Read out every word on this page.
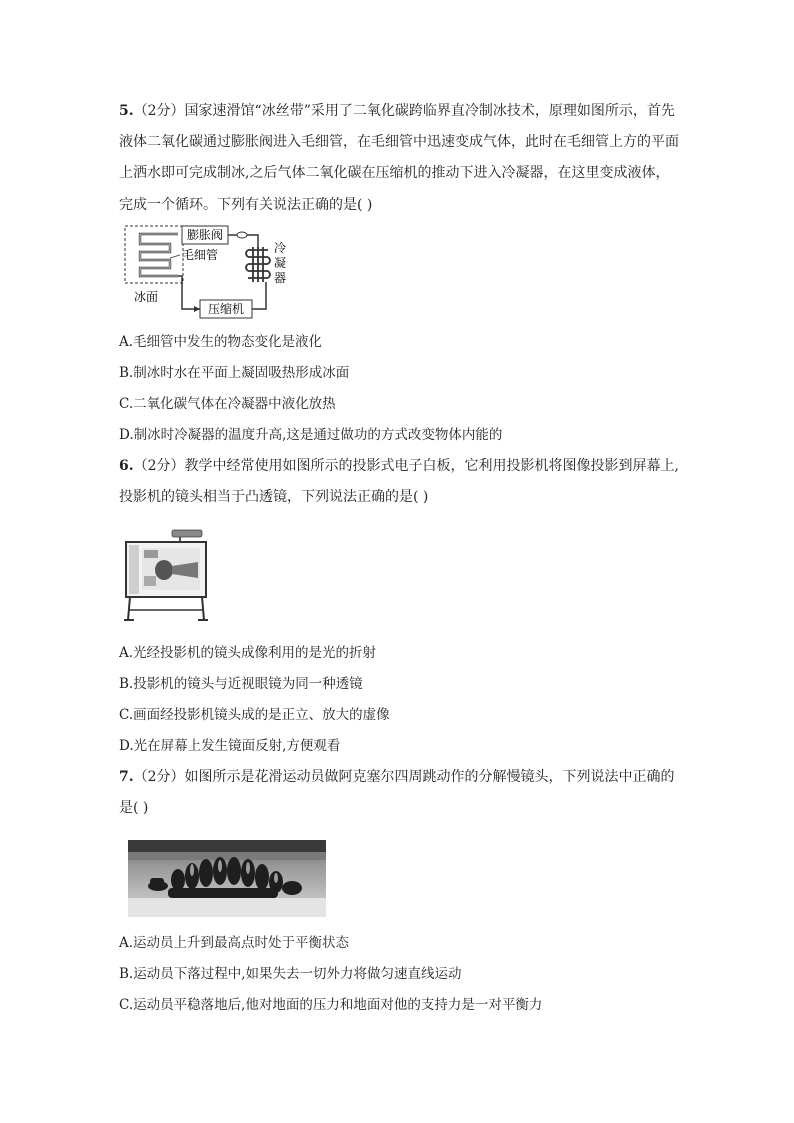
5.（2分）国家速滑馆“冰丝带”采用了二氧化碳跨临界直冷制冰技术，原理如图所示，首先
液体二氧化碳通过膨胀阀进入毛细管，在毛细管中迅速变成气体，此时在毛细管上方的平面
上洒水即可完成制冰,之后气体二氧化碳在压缩机的推动下进入冷凝器，在这里变成液体，
完成一个循环。下列有关说法正确的是( )
膨胀阀
冷
凝
器
毛细管
冰面
压缩机
A.毛细管中发生的物态变化是液化
B.制冰时水在平面上凝固吸热形成冰面
C.二氧化碳气体在冷凝器中液化放热
D.制冰时冷凝器的温度升高,这是通过做功的方式改变物体内能的
6.（2分）教学中经常使用如图所示的投影式电子白板，它利用投影机将图像投影到屏幕上,
投影机的镜头相当于凸透镜，下列说法正确的是( )
A.光经投影机的镜头成像利用的是光的折射
B.投影机的镜头与近视眼镜为同一种透镜
C.画面经投影机镜头成的是正立、放大的虚像
D.光在屏幕上发生镜面反射,方便观看
7.（2分）如图所示是花滑运动员做阿克塞尔四周跳动作的分解慢镜头，下列说法中正确的
是( )
A.运动员上升到最高点时处于平衡状态
B.运动员下落过程中,如果失去一切外力将做匀速直线运动
C.运动员平稳落地后,他对地面的压力和地面对他的支持力是一对平衡力
